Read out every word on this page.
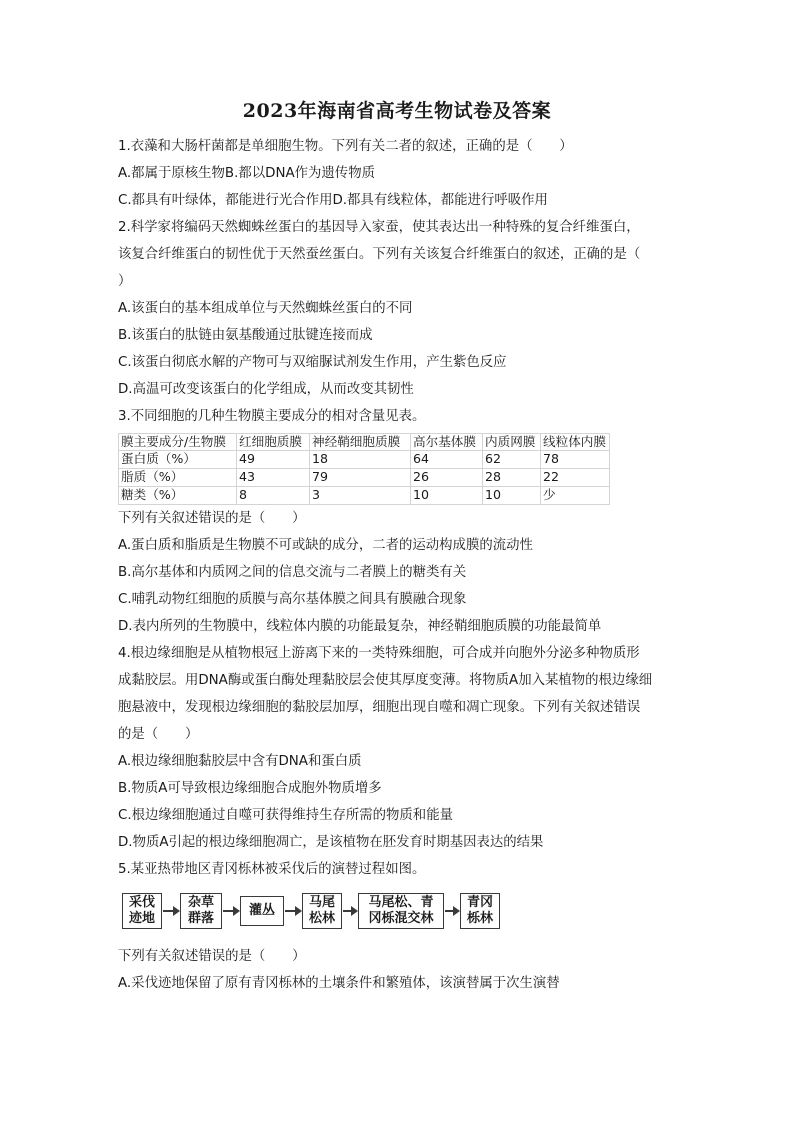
2023年海南省高考生物试卷及答案
1.衣藻和大肠杆菌都是单细胞生物。下列有关二者的叙述，正确的是（　　）
A.都属于原核生物B.都以DNA作为遗传物质
C.都具有叶绿体，都能进行光合作用D.都具有线粒体，都能进行呼吸作用
2.科学家将编码天然蜘蛛丝蛋白的基因导入家蚕，使其表达出一种特殊的复合纤维蛋白，
该复合纤维蛋白的韧性优于天然蚕丝蛋白。下列有关该复合纤维蛋白的叙述，正确的是（
）
A.该蛋白的基本组成单位与天然蜘蛛丝蛋白的不同
B.该蛋白的肽链由氨基酸通过肽键连接而成
C.该蛋白彻底水解的产物可与双缩脲试剂发生作用，产生紫色反应
D.高温可改变该蛋白的化学组成，从而改变其韧性
3.不同细胞的几种生物膜主要成分的相对含量见表。
膜主要成分/生物膜	红细胞质膜	神经鞘细胞质膜	高尔基体膜	内质网膜	线粒体内膜
蛋白质（%）	49	18	64	62	78
脂质（%）	43	79	26	28	22
糖类（%）	8	3	10	10	少
下列有关叙述错误的是（　　）
A.蛋白质和脂质是生物膜不可或缺的成分，二者的运动构成膜的流动性
B.高尔基体和内质网之间的信息交流与二者膜上的糖类有关
C.哺乳动物红细胞的质膜与高尔基体膜之间具有膜融合现象
D.表内所列的生物膜中，线粒体内膜的功能最复杂，神经鞘细胞质膜的功能最简单
4.根边缘细胞是从植物根冠上游离下来的一类特殊细胞，可合成并向胞外分泌多种物质形
成黏胶层。用DNA酶或蛋白酶处理黏胶层会使其厚度变薄。将物质A加入某植物的根边缘细
胞悬液中，发现根边缘细胞的黏胶层加厚，细胞出现自噬和凋亡现象。下列有关叙述错误
的是（　　）
A.根边缘细胞黏胶层中含有DNA和蛋白质
B.物质A可导致根边缘细胞合成胞外物质增多
C.根边缘细胞通过自噬可获得维持生存所需的物质和能量
D.物质A引起的根边缘细胞凋亡，是该植物在胚发育时期基因表达的结果
5.某亚热带地区青冈栎林被采伐后的演替过程如图。
采伐
迹地
杂草
群落
灌丛
马尾
松林
马尾松、青
冈栎混交林
青冈
栎林
下列有关叙述错误的是（　　）
A.采伐迹地保留了原有青冈栎林的土壤条件和繁殖体，该演替属于次生演替
